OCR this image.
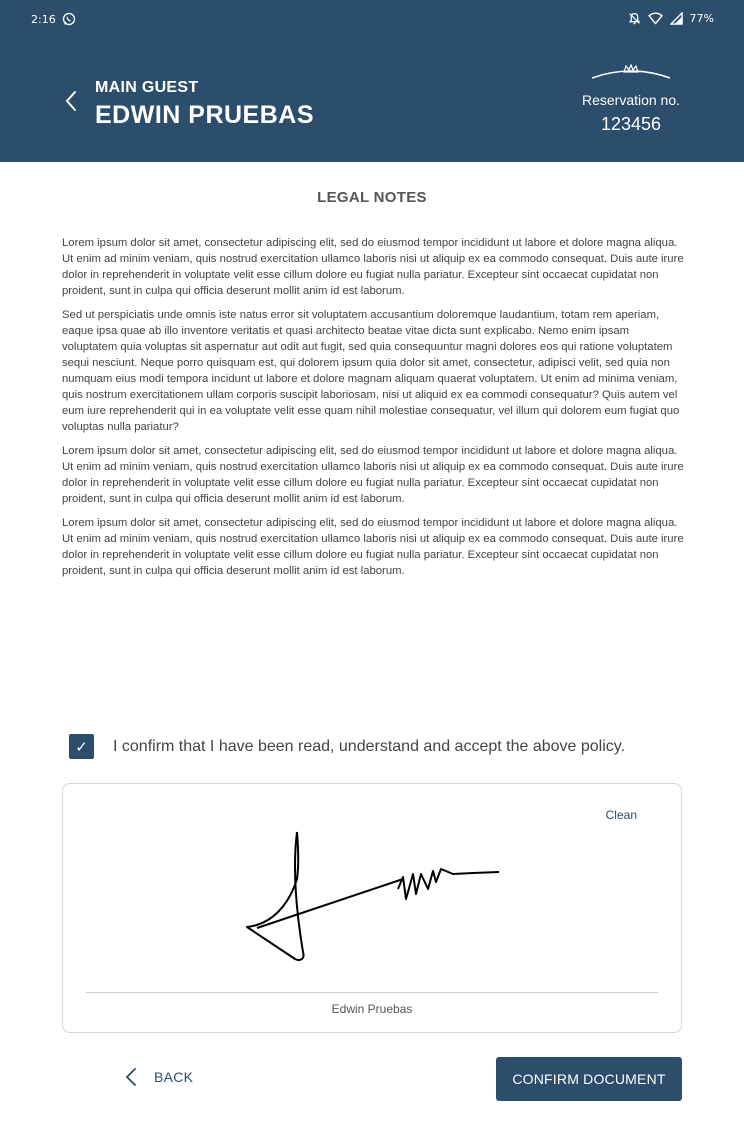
2:16	77%
MAIN GUEST
EDWIN PRUEBAS
Reservation no.
123456
LEGAL NOTES

Lorem ipsum dolor sit amet, consectetur adipiscing elit, sed do eiusmod tempor incididunt ut labore et dolore magna aliqua. Ut enim ad minim veniam, quis nostrud exercitation ullamco laboris nisi ut aliquip ex ea commodo consequat. Duis aute irure dolor in reprehenderit in voluptate velit esse cillum dolore eu fugiat nulla pariatur. Excepteur sint occaecat cupidatat non proident, sunt in culpa qui officia deserunt mollit anim id est laborum.

Sed ut perspiciatis unde omnis iste natus error sit voluptatem accusantium doloremque laudantium, totam rem aperiam, eaque ipsa quae ab illo inventore veritatis et quasi architecto beatae vitae dicta sunt explicabo. Nemo enim ipsam voluptatem quia voluptas sit aspernatur aut odit aut fugit, sed quia consequuntur magni dolores eos qui ratione voluptatem sequi nesciunt. Neque porro quisquam est, qui dolorem ipsum quia dolor sit amet, consectetur, adipisci velit, sed quia non numquam eius modi tempora incidunt ut labore et dolore magnam aliquam quaerat voluptatem. Ut enim ad minima veniam, quis nostrum exercitationem ullam corporis suscipit laboriosam, nisi ut aliquid ex ea commodi consequatur? Quis autem vel eum iure reprehenderit qui in ea voluptate velit esse quam nihil molestiae consequatur, vel illum qui dolorem eum fugiat quo voluptas nulla pariatur?

Lorem ipsum dolor sit amet, consectetur adipiscing elit, sed do eiusmod tempor incididunt ut labore et dolore magna aliqua. Ut enim ad minim veniam, quis nostrud exercitation ullamco laboris nisi ut aliquip ex ea commodo consequat. Duis aute irure dolor in reprehenderit in voluptate velit esse cillum dolore eu fugiat nulla pariatur. Excepteur sint occaecat cupidatat non proident, sunt in culpa qui officia deserunt mollit anim id est laborum.

Lorem ipsum dolor sit amet, consectetur adipiscing elit, sed do eiusmod tempor incididunt ut labore et dolore magna aliqua. Ut enim ad minim veniam, quis nostrud exercitation ullamco laboris nisi ut aliquip ex ea commodo consequat. Duis aute irure dolor in reprehenderit in voluptate velit esse cillum dolore eu fugiat nulla pariatur. Excepteur sint occaecat cupidatat non proident, sunt in culpa qui officia deserunt mollit anim id est laborum.

✓ I confirm that I have been read, understand and accept the above policy.
Clean
Edwin Pruebas
BACK	CONFIRM DOCUMENT
